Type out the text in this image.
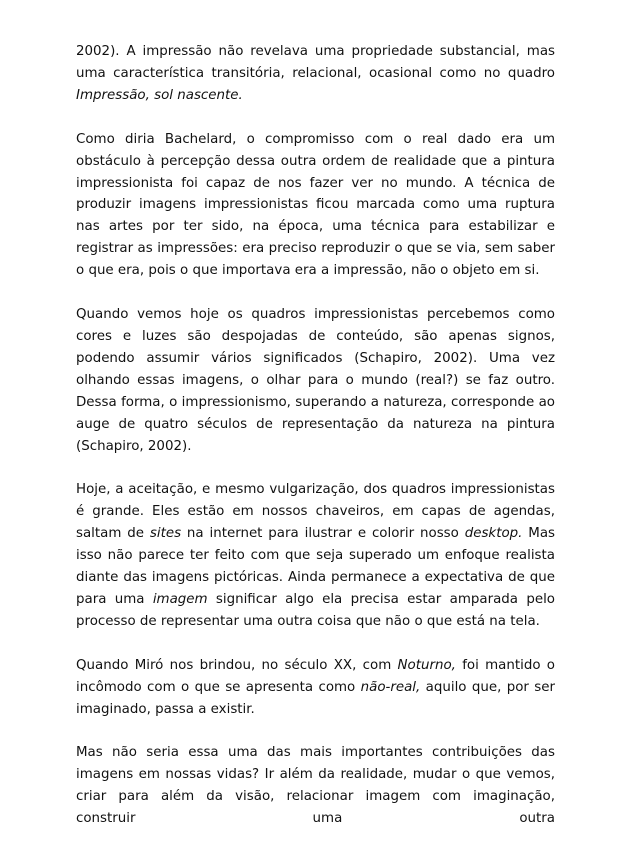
2002). A impressão não revelava uma propriedade substancial, mas uma característica transitória, relacional, ocasional como no quadro Impressão, sol nascente.

Como diria Bachelard, o compromisso com o real dado era um obstáculo à percepção dessa outra ordem de realidade que a pintura impressionista foi capaz de nos fazer ver no mundo. A técnica de produzir imagens impressionistas ficou marcada como uma ruptura nas artes por ter sido, na época, uma técnica para estabilizar e registrar as impressões: era preciso reproduzir o que se via, sem saber o que era, pois o que importava era a impressão, não o objeto em si.

Quando vemos hoje os quadros impressionistas percebemos como cores e luzes são despojadas de conteúdo, são apenas signos, podendo assumir vários significados (Schapiro, 2002). Uma vez olhando essas imagens, o olhar para o mundo (real?) se faz outro. Dessa forma, o impressionismo, superando a natureza, corresponde ao auge de quatro séculos de representação da natureza na pintura (Schapiro, 2002).

Hoje, a aceitação, e mesmo vulgarização, dos quadros impressionistas é grande. Eles estão em nossos chaveiros, em capas de agendas, saltam de sites na internet para ilustrar e colorir nosso desktop. Mas isso não parece ter feito com que seja superado um enfoque realista diante das imagens pictóricas. Ainda permanece a expectativa de que para uma imagem significar algo ela precisa estar amparada pelo processo de representar uma outra coisa que não o que está na tela.

Quando Miró nos brindou, no século XX, com Noturno, foi mantido o incômodo com o que se apresenta como não-real, aquilo que, por ser imaginado, passa a existir.

Mas não seria essa uma das mais importantes contribuições das imagens em nossas vidas? Ir além da realidade, mudar o que vemos, criar para além da visão, relacionar imagem com imaginação, construir uma outra
